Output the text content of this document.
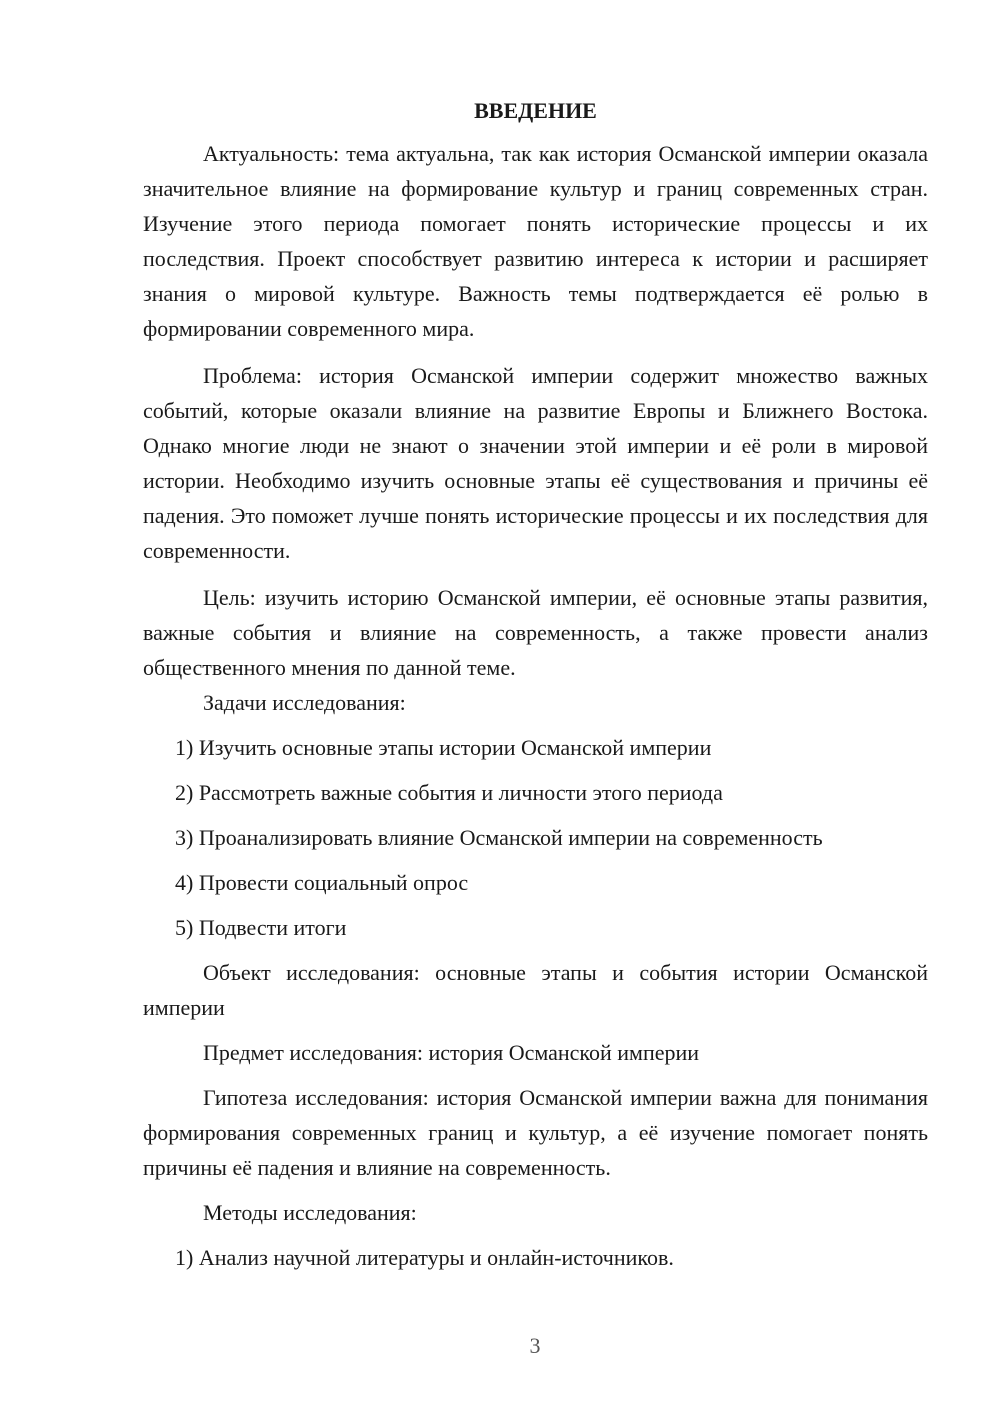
ВВЕДЕНИЕ

Актуальность: тема актуальна, так как история Османской империи оказала значительное влияние на формирование культур и границ современных стран. Изучение этого периода помогает понять исторические процессы и их последствия. Проект способствует развитию интереса к истории и расширяет знания о мировой культуре. Важность темы подтверждается её ролью в формировании современного мира.

Проблема: история Османской империи содержит множество важных событий, которые оказали влияние на развитие Европы и Ближнего Востока. Однако многие люди не знают о значении этой империи и её роли в мировой истории. Необходимо изучить основные этапы её существования и причины её падения. Это поможет лучше понять исторические процессы и их последствия для современности.

Цель: изучить историю Османской империи, её основные этапы развития, важные события и влияние на современность, а также провести анализ общественного мнения по данной теме.

Задачи исследования:

1) Изучить основные этапы истории Османской империи

2) Рассмотреть важные события и личности этого периода

3) Проанализировать влияние Османской империи на современность

4) Провести социальный опрос

5) Подвести итоги

Объект исследования: основные этапы и события истории Османской империи

Предмет исследования: история Османской империи

Гипотеза исследования: история Османской империи важна для понимания формирования современных границ и культур, а её изучение помогает понять причины её падения и влияние на современность.

Методы исследования:

1) Анализ научной литературы и онлайн-источников.

3
